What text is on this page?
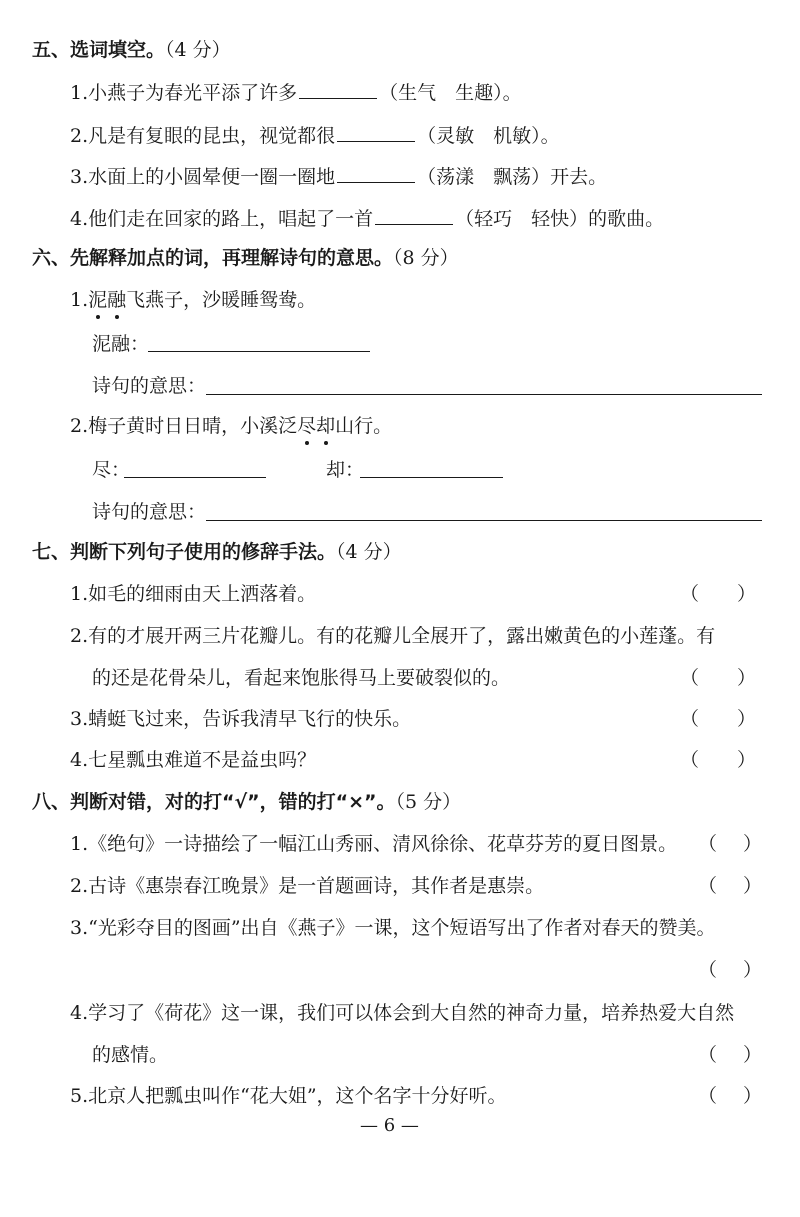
五、选词填空。（4 分）
1.小燕子为春光平添了许多	（生气　生趣）。
2.凡是有复眼的昆虫，视觉都很	（灵敏　机敏）。
3.水面上的小圆晕便一圈一圈地	（荡漾　飘荡）开去。
4.他们走在回家的路上，唱起了一首	（轻巧　轻快）的歌曲。
六、先解释加点的词，再理解诗句的意思。（8 分）
1.泥融飞燕子，沙暖睡鸳鸯。
泥融：
诗句的意思：
2.梅子黄时日日晴，小溪泛尽却山行。
尽：	却：
诗句的意思：
七、判断下列句子使用的修辞手法。（4 分）
1.如毛的细雨由天上洒落着。	（ ）
2.有的才展开两三片花瓣儿。有的花瓣儿全展开了，露出嫩黄色的小莲蓬。有
的还是花骨朵儿，看起来饱胀得马上要破裂似的。	（ ）
3.蜻蜓飞过来，告诉我清早飞行的快乐。	（ ）
4.七星瓢虫难道不是益虫吗？	（ ）
八、判断对错，对的打“√”，错的打“×”。（5 分）
1.《绝句》一诗描绘了一幅江山秀丽、清风徐徐、花草芬芳的夏日图景。 （ ）
2.古诗《惠崇春江晚景》是一首题画诗，其作者是惠崇。	（ ）
3.“光彩夺目的图画”出自《燕子》一课，这个短语写出了作者对春天的赞美。
（ ）
4.学习了《荷花》这一课，我们可以体会到大自然的神奇力量，培养热爱大自然
的感情。	（ ）
5.北京人把瓢虫叫作“花大姐”，这个名字十分好听。	（ ）
— 6 —
